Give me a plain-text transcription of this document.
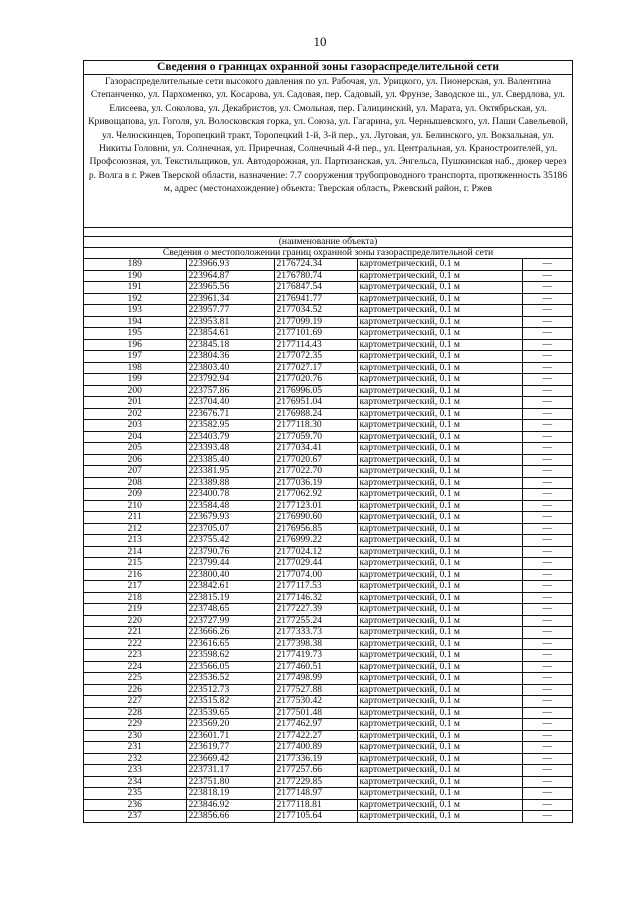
10
Сведения о границах охранной зоны газораспределительной сети
Газораспределительные сети высокого давления по ул. Рабочая, ул. Урицкого, ул. Пионерская, ул. Валентина Степанченко, ул. Пархоменко, ул. Косарова, ул. Садовая, пер. Садовый, ул. Фрунзе, Заводское ш., ул. Свердлова, ул. Елисеева, ул. Соколова, ул. Декабристов, ул. Смольная, пер. Галицинский, ул. Марата, ул. Октябрьская, ул. Кривощапова, ул. Гоголя, ул. Волосковская горка, ул. Союза, ул. Гагарина, ул. Чернышевского, ул. Паши Савельевой, ул. Челюскинцев, Торопецкий тракт, Торопецкий 1-й, 3-й пер., ул. Луговая, ул. Белинского, ул. Вокзальная, ул. Никиты Головни, ул. Солнечная, ул. Приречная, Солнечный 4-й пер., ул. Центральная, ул. Краностроителей, ул. Профсоюзная, ул. Текстильщиков, ул. Автодорожная, ул. Партизанская, ул. Энгельса, Пушкинская наб., дюкер через р. Волга в г. Ржев Тверской области, назначение: 7.7 сооружения трубопроводного транспорта, протяженность 35186 м, адрес (местонахождение) объекта: Тверская область, Ржевский район, г. Ржев
(наименование объекта)
Сведения о местоположении границ охранной зоны газораспределительной сети
189	223966.93	2176724.34	картометрический, 0.1 м	—
190	223964.87	2176780.74	картометрический, 0.1 м	—
191	223965.56	2176847.54	картометрический, 0.1 м	—
192	223961.34	2176941.77	картометрический, 0.1 м	—
193	223957.77	2177034.52	картометрический, 0.1 м	—
194	223953.81	2177099.19	картометрический, 0.1 м	—
195	223854.61	2177101.69	картометрический, 0.1 м	—
196	223845.18	2177114.43	картометрический, 0.1 м	—
197	223804.36	2177072.35	картометрический, 0.1 м	—
198	223803.40	2177027.17	картометрический, 0.1 м	—
199	223792.94	2177020.76	картометрический, 0.1 м	—
200	223757.86	2176996.05	картометрический, 0.1 м	—
201	223704.40	2176951.04	картометрический, 0.1 м	—
202	223676.71	2176988.24	картометрический, 0.1 м	—
203	223582.95	2177118.30	картометрический, 0.1 м	—
204	223403.79	2177059.70	картометрический, 0.1 м	—
205	223393.48	2177034.41	картометрический, 0.1 м	—
206	223385.40	2177020.67	картометрический, 0.1 м	—
207	223381.95	2177022.70	картометрический, 0.1 м	—
208	223389.88	2177036.19	картометрический, 0.1 м	—
209	223400.78	2177062.92	картометрический, 0.1 м	—
210	223584.48	2177123.01	картометрический, 0.1 м	—
211	223679.93	2176990.60	картометрический, 0.1 м	—
212	223705.07	2176956.85	картометрический, 0.1 м	—
213	223755.42	2176999.22	картометрический, 0.1 м	—
214	223790.76	2177024.12	картометрический, 0.1 м	—
215	223799.44	2177029.44	картометрический, 0.1 м	—
216	223800.40	2177074.00	картометрический, 0.1 м	—
217	223842.61	2177117.53	картометрический, 0.1 м	—
218	223815.19	2177146.32	картометрический, 0.1 м	—
219	223748.65	2177227.39	картометрический, 0.1 м	—
220	223727.99	2177255.24	картометрический, 0.1 м	—
221	223666.26	2177333.73	картометрический, 0.1 м	—
222	223616.65	2177398.38	картометрический, 0.1 м	—
223	223598.62	2177419.73	картометрический, 0.1 м	—
224	223566.05	2177460.51	картометрический, 0.1 м	—
225	223536.52	2177498.99	картометрический, 0.1 м	—
226	223512.73	2177527.88	картометрический, 0.1 м	—
227	223515.82	2177530.42	картометрический, 0.1 м	—
228	223539.65	2177501.48	картометрический, 0.1 м	—
229	223569.20	2177462.97	картометрический, 0.1 м	—
230	223601.71	2177422.27	картометрический, 0.1 м	—
231	223619.77	2177400.89	картометрический, 0.1 м	—
232	223669.42	2177336.19	картометрический, 0.1 м	—
233	223731.17	2177257.66	картометрический, 0.1 м	—
234	223751.80	2177229.85	картометрический, 0.1 м	—
235	223818.19	2177148.97	картометрический, 0.1 м	—
236	223846.92	2177118.81	картометрический, 0.1 м	—
237	223856.66	2177105.64	картометрический, 0.1 м	—
